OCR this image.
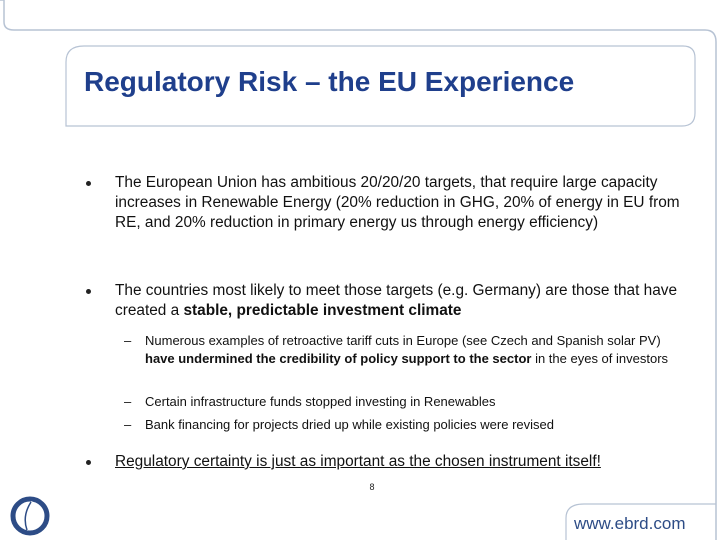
Regulatory Risk – the EU Experience
The European Union has ambitious 20/20/20 targets, that require large capacity increases in Renewable Energy (20% reduction in GHG, 20% of energy in EU from RE, and 20% reduction in primary energy us through energy efficiency)
The countries most likely to meet those targets (e.g. Germany) are those that have created a stable, predictable investment climate
– Numerous examples of retroactive tariff cuts in Europe (see Czech and Spanish solar PV) have undermined the credibility of policy support to the sector in the eyes of investors
– Certain infrastructure funds stopped investing in Renewables
– Bank financing for projects dried up while existing policies were revised
Regulatory certainty is just as important as the chosen instrument itself!
8
www.ebrd.com
